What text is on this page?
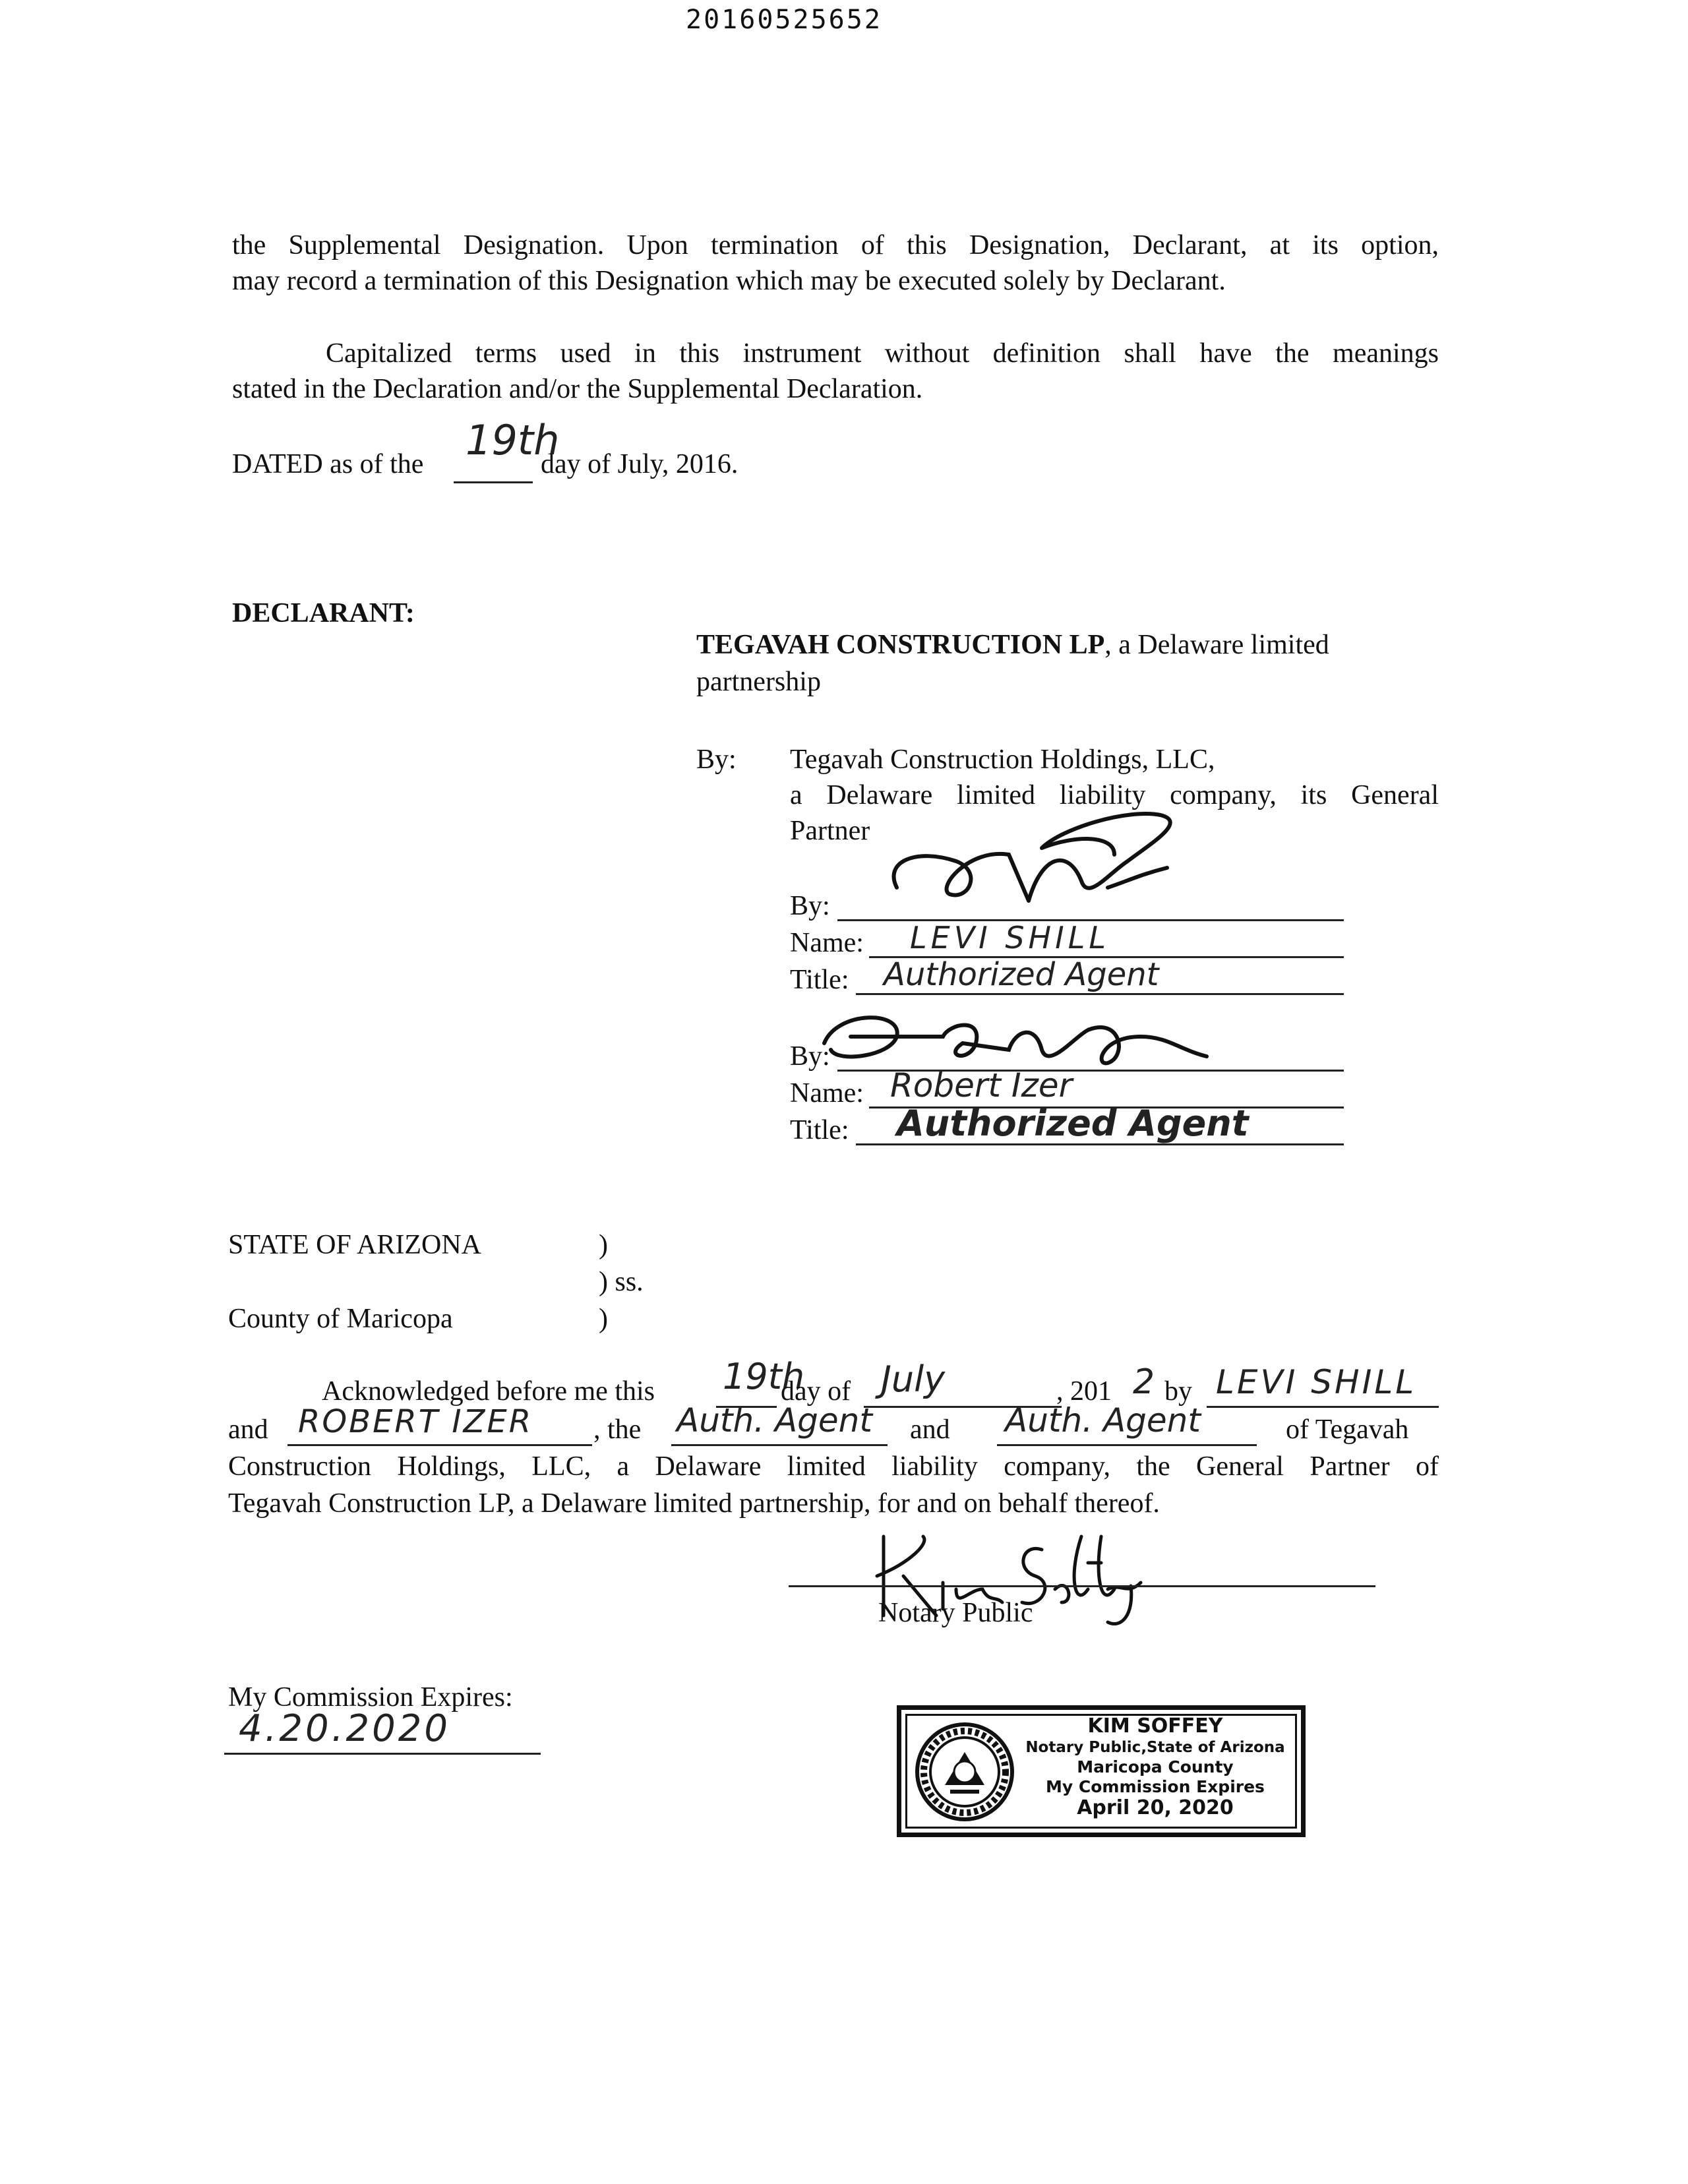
20160525652
the Supplemental Designation. Upon termination of this Designation, Declarant, at its option,
may record a termination of this Designation which may be executed solely by Declarant.
Capitalized terms used in this instrument without definition shall have the meanings
stated in the Declaration and/or the Supplemental Declaration.
DATED as of the 19th
day of July, 2016.
DECLARANT:
TEGAVAH CONSTRUCTION LP, a Delaware limited
partnership
By: Tegavah Construction Holdings, LLC,
a Delaware limited liability company, its General
Partner
By:
Name: LEVI SHILL
Title: Authorized Agent
By:
Name: Robert Izer
Title: Authorized Agent
STATE OF ARIZONA	)
) ss.
County of Maricopa	)
Acknowledged before me this 19th
day of July	, 201 2 by LEVI SHILL
and ROBERT IZER , the Auth. Agent and Auth. Agent	of Tegavah
Construction Holdings, LLC, a Delaware limited liability company, the General Partner of
Tegavah Construction LP, a Delaware limited partnership, for and on behalf thereof.
Notary Public
My Commission Expires:
4.20.2020	KIM SOFFEY
Notary Public,State of Arizona
Maricopa County
My Commission Expires
April 20, 2020
